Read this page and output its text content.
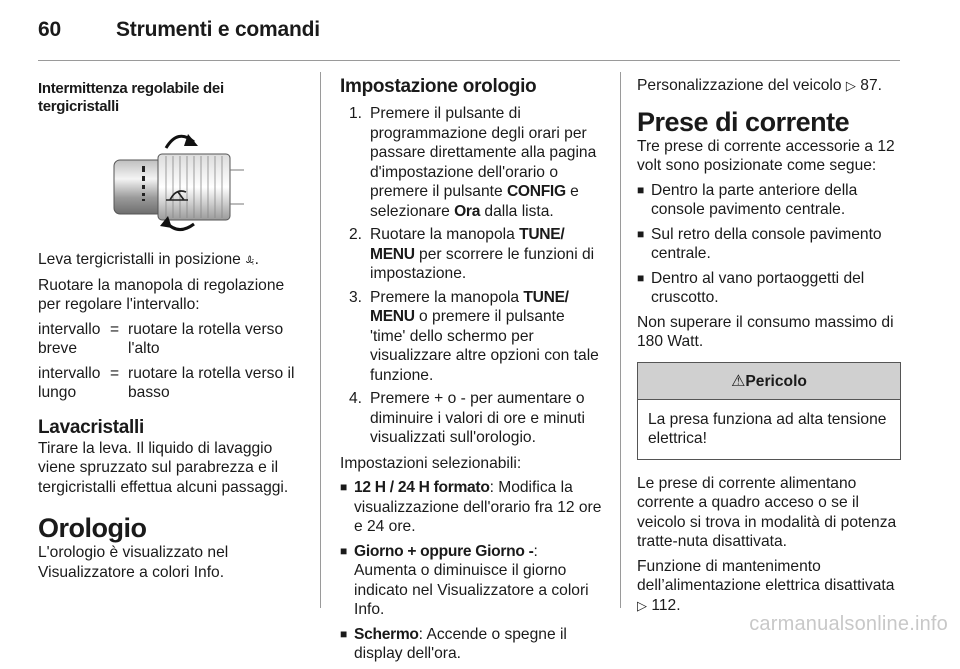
60	Strumenti e comandi
Intermittenza regolabile dei tergicristalli

Leva tergicristalli in posizione ꕋ.

Ruotare la manopola di regolazione per regolare l'intervallo:

intervallo breve
= ruotare la rotella verso l'alto
intervallo lungo
= ruotare la rotella verso il basso
Lavacristalli

Tirare la leva. Il liquido di lavaggio viene spruzzato sul parabrezza e il tergicristalli effettua alcuni passaggi.

Orologio

L'orologio è visualizzato nel Visualizzatore a colori Info.

Impostazione orologio
1. Premere il pulsante di programmazione degli orari per passare direttamente alla pagina d'impostazione dell'orario o premere il pulsante CONFIG e selezionare Ora dalla lista.
2. Ruotare la manopola TUNE/ MENU per scorrere le funzioni di impostazione.
3. Premere la manopola TUNE/ MENU o premere il pulsante 'time' dello schermo per visualizzare altre opzioni con tale funzione.
4. Premere + o - per aumentare o diminuire i valori di ore e minuti visualizzati sull'orologio.

Impostazioni selezionabili:

■ 12 H / 24 H formato: Modifica la visualizzazione dell'orario fra 12 ore e 24 ore.
■ Giorno + oppure Giorno -: Aumenta o diminuisce il giorno indicato nel Visualizzatore a colori Info.
■ Schermo: Accende o spegne il display dell'ora.

Personalizzazione del veicolo ▷ 87.

Prese di corrente

Tre prese di corrente accessorie a 12 volt sono posizionate come segue:

■ Dentro la parte anteriore della console pavimento centrale.
■ Sul retro della console pavimento centrale.
■ Dentro al vano portaoggetti del cruscotto.

Non superare il consumo massimo di 180 Watt.

⚠Pericolo
La presa funziona ad alta tensione elettrica!

Le prese di corrente alimentano corrente a quadro acceso o se il veicolo si trova in modalità di potenza tratte-nuta disattivata.

Funzione di mantenimento dell’alimentazione elettrica disattivata
▷ 112.

carmanualsonline.info
